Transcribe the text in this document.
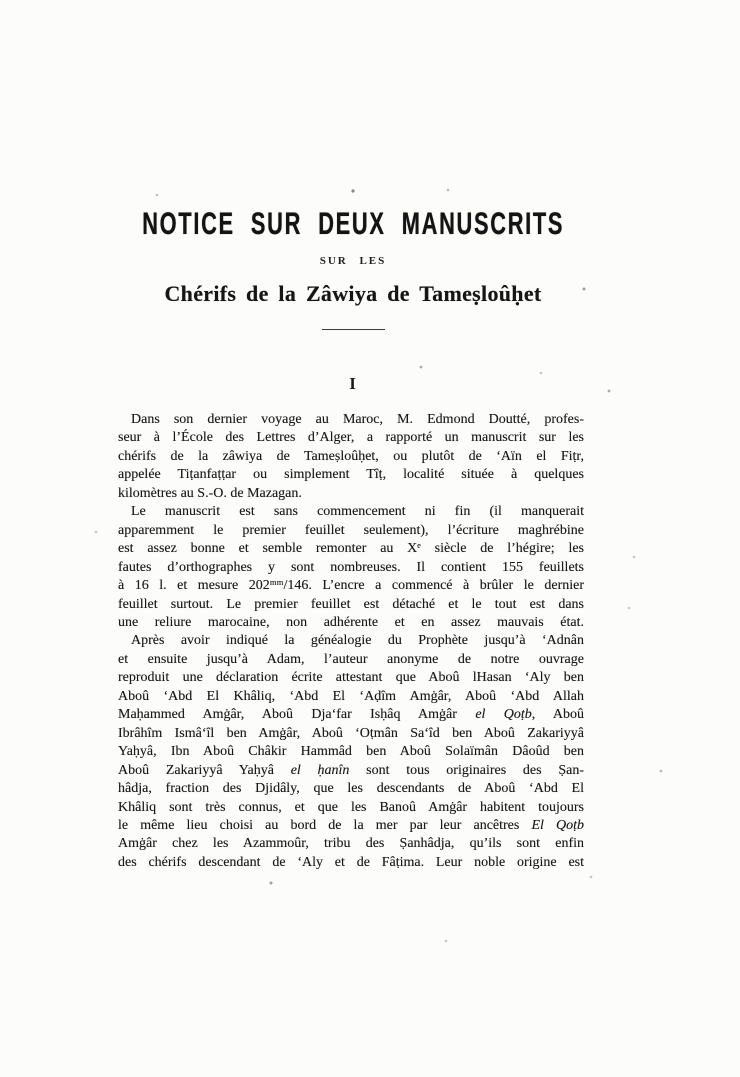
NOTICE SUR DEUX MANUSCRITS
SUR LES
Chérifs de la Zâwiya de Tameṣloûḥet
I
Dans son dernier voyage au Maroc, M. Edmond Doutté, profes-
seur à l’École des Lettres d’Alger, a rapporté un manuscrit sur les
chérifs de la zâwiya de Tameṣloûḥet, ou plutôt de ‘Aïn el Fiṭr,
appelée Tiṭanfaṭṭar ou simplement Tîṭ, localité située à quelques
kilomètres au S.-O. de Mazagan.
Le manuscrit est sans commencement ni fin (il manquerait
apparemment le premier feuillet seulement), l’écriture maghrébine
est assez bonne et semble remonter au Xᵉ siècle de l’hégire; les
fautes d’orthographes y sont nombreuses. Il contient 155 feuillets
à 16 l. et mesure 202ᵐᵐ/146. L’encre a commencé à brûler le dernier
feuillet surtout. Le premier feuillet est détaché et le tout est dans
une reliure marocaine, non adhérente et en assez mauvais état.
Après avoir indiqué la généalogie du Prophète jusqu’à ‘Adnân
et ensuite jusqu’à Adam, l’auteur anonyme de notre ouvrage
reproduit une déclaration écrite attestant que Aboû lHasan ‘Aly ben
Aboû ‘Abd El Khâliq, ‘Abd El ‘Aḍîm Amġâr, Aboû ‘Abd Allah
Maḥammed Amġâr, Aboû Dja‘far Isḥâq Amġâr el Qoṭb, Aboû
Ibrâhîm Ismâ‘îl ben Amġâr, Aboû ‘Oṭmân Sa‘îd ben Aboû Zakariyyâ
Yaḥyâ, Ibn Aboû Châkir Hammâd ben Aboû Solaïmân Dâoûd ben
Aboû Zakariyyâ Yaḥyâ el ḥanîn sont tous originaires des Ṣan-
hâdja, fraction des Djidâly, que les descendants de Aboû ‘Abd El
Khâliq sont très connus, et que les Banoû Amġâr habitent toujours
le même lieu choisi au bord de la mer par leur ancêtres El Qoṭb
Amġâr chez les Azammoûr, tribu des Ṣanhâdja, qu’ils sont enfin
des chérifs descendant de ‘Aly et de Fâṭima. Leur noble origine est
